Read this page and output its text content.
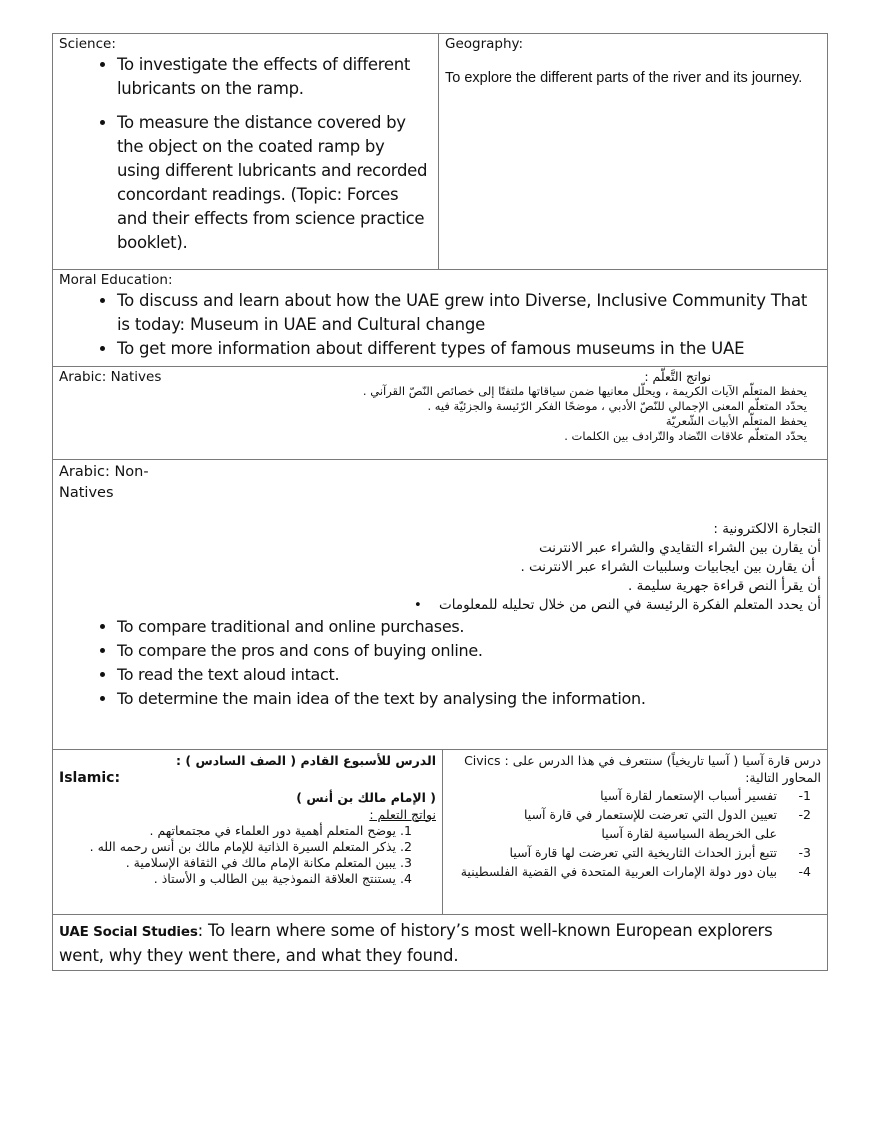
Science:
• To investigate the effects of different lubricants on the ramp.
• To measure the distance covered by the object on the coated ramp by using different lubricants and recorded concordant readings. (Topic: Forces and their effects from science practice booklet).

Geography:
To explore the different parts of the river and its journey.

Moral Education:
• To discuss and learn about how the UAE grew into Diverse, Inclusive Community That is today: Museum in UAE and Cultural change
• To get more information about different types of famous museums in the UAE

Arabic: Natives	نواتج التَّعلّم :
يحفظ المتعلّم الآيات الكريمة ، ويحلّل معانيها ضمن سياقاتها ملتفتًا إلى خصائص النّصّ القرآني .
يحدّد المتعلّم المعنى الإجمالي للنّصّ الأدبي ، موضحًا الفكر الرّئيسة والجزئيّة فيه .
يحفظ المتعلّم الأبيات الشّعريّة
يحدّد المتعلّم علاقات التّضاد والتّرادف بين الكلمات .

Arabic: Non-Natives
التجارة الالكترونية :
أن يقارن بين الشراء التقايدي والشراء عبر الانترنت
أن يقارن بين ايجابيات وسلبيات الشراء عبر الانترنت .
أن يقرأ النص قراءة جهرية سليمة .
أن يحدد المتعلم الفكرة الرئيسة في النص من خلال تحليله للمعلومات    •
• To compare traditional and online purchases.
• To compare the pros and cons of buying online.
• To read the text aloud intact.
• To determine the main idea of the text by analysing the information.
الدرس للأسبوع القادم ( الصف السادس ) :
Islamic:
( الإمام مالك بن أنس )
نواتج التعلم :
1. يوضح المتعلم أهمية دور العلماء في مجتمعاتهم .
2. يذكر المتعلم السيرة الذاتية للإمام مالك بن أنس رحمه الله .
3. يبين المتعلم مكانة الإمام مالك في الثقافة الإسلامية .
4. يستنتج العلاقة النموذجية بين الطالب و الأستاذ .

درس قارة آسيا ( آسيا تاريخياً) سنتعرف في هذا الدرس على : Civics
المحاور التالية:
1-
تفسير أسباب الإستعمار لقارة آسيا
2-
تعيين الدول التي تعرضت للإستعمار في قارة آسيا على الخريطة السياسية لقارة آسيا
3-
تتبع أبرز الحداث الثاريخية التي تعرضت لها قارة آسيا
4-
بيان دور دولة الإمارات العربية المتحدة في القضية الفلسطينية

UAE Social Studies: To learn where some of history’s most well-known European explorers went, why they went there, and what they found.
